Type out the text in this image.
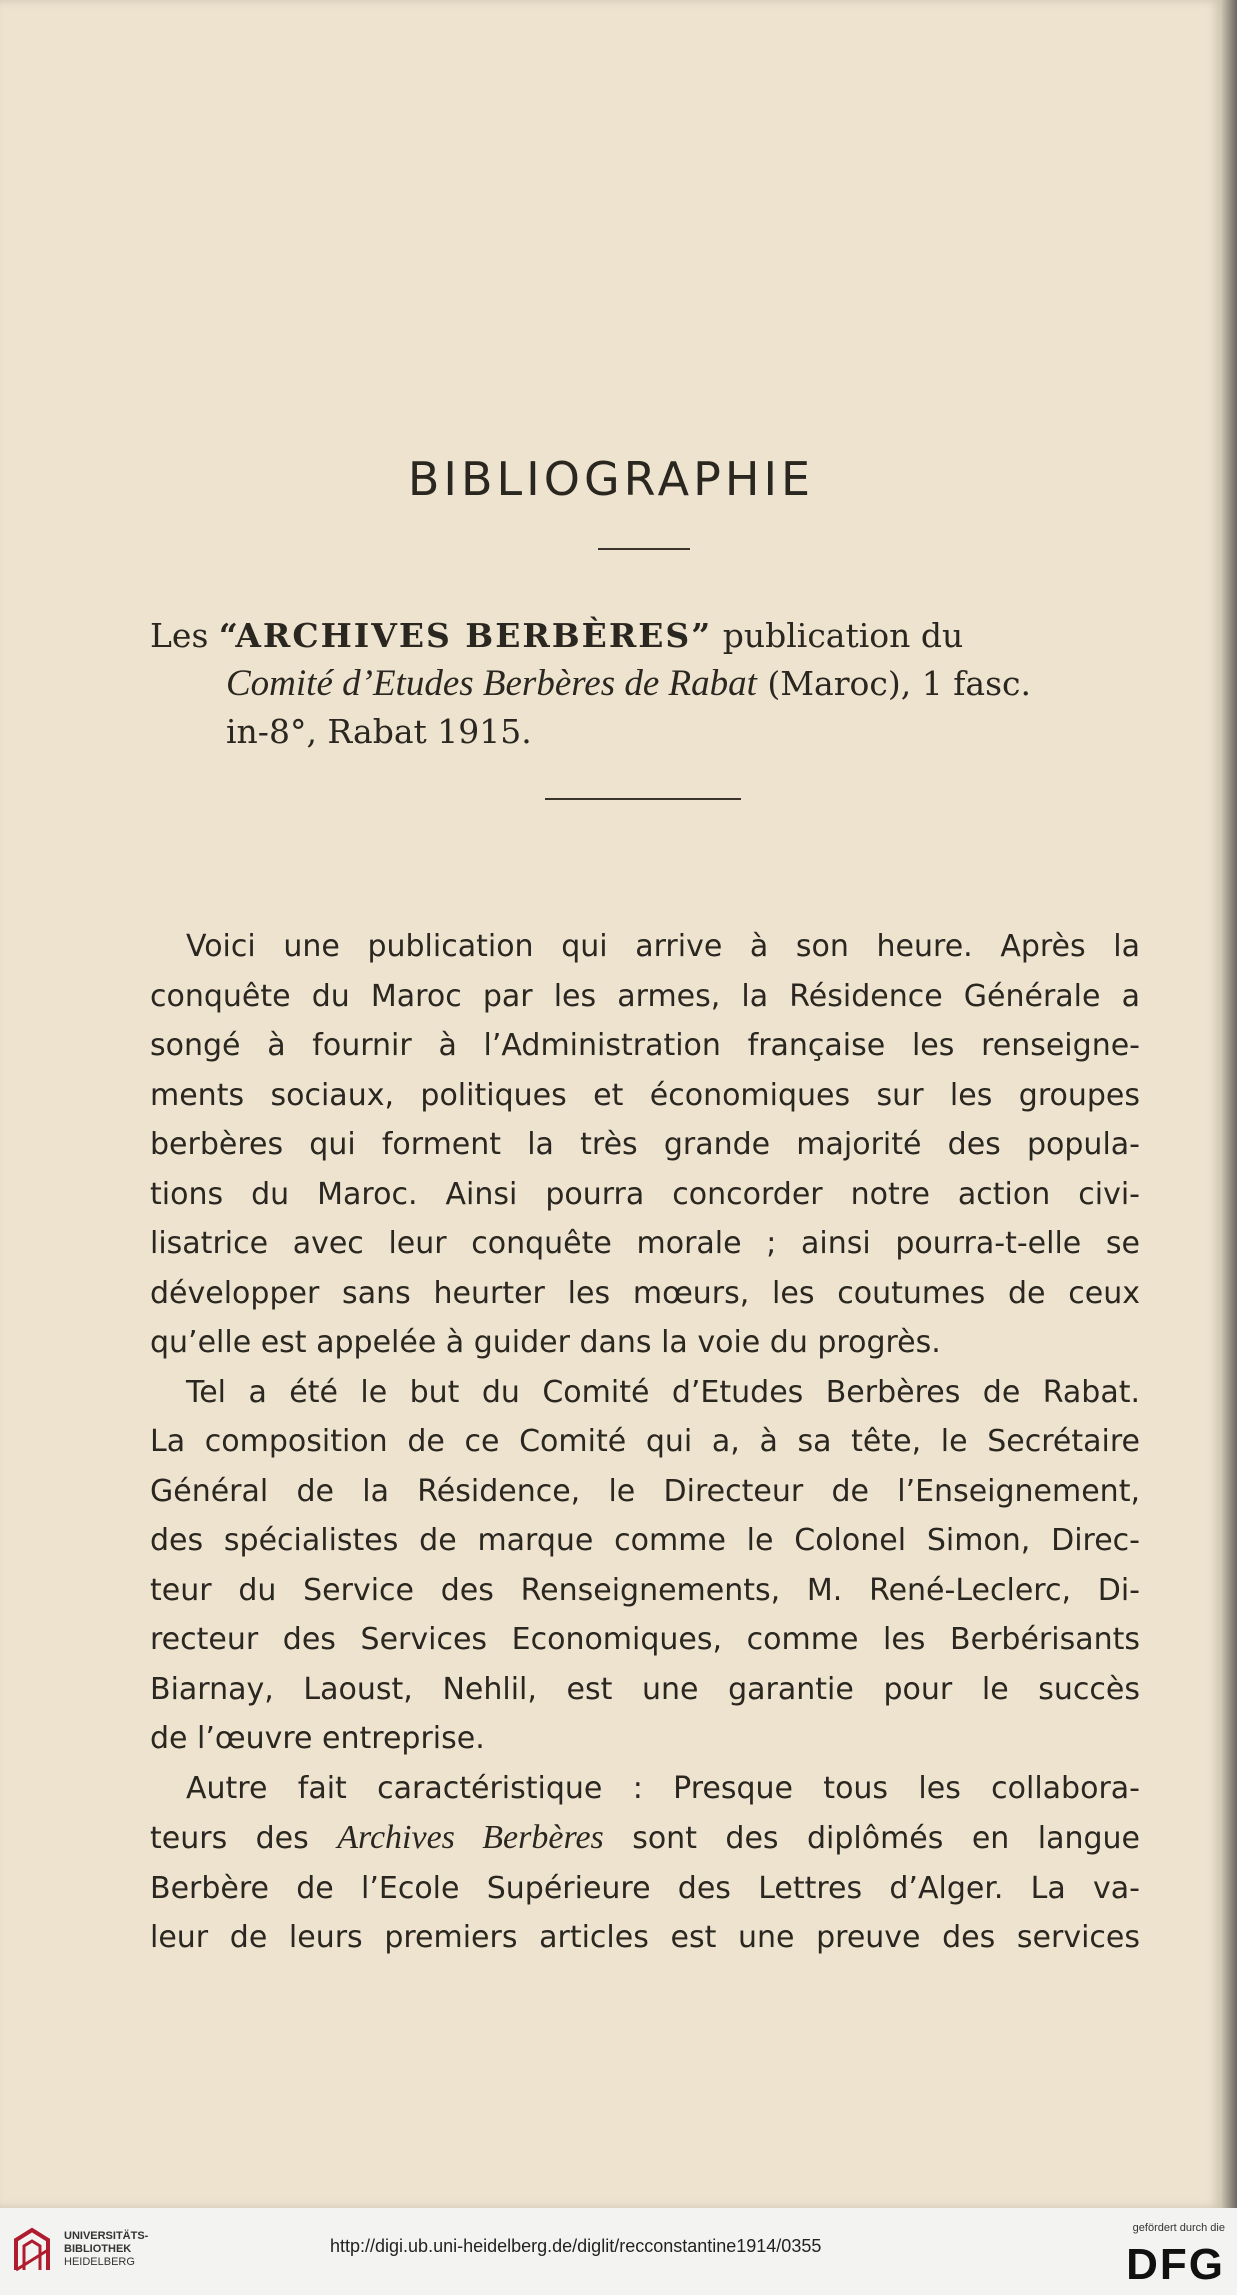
BIBLIOGRAPHIE
Les “ARCHIVES BERBÈRES” publication du
Comité d’Etudes Berbères de Rabat (Maroc), 1 fasc.
in-8°, Rabat 1915.
Voici une publication qui arrive à son heure. Après la
conquête du Maroc par les armes, la Résidence Générale a
songé à fournir à l’Administration française les renseigne-
ments sociaux, politiques et économiques sur les groupes
berbères qui forment la très grande majorité des popula-
tions du Maroc. Ainsi pourra concorder notre action civi-
lisatrice avec leur conquête morale ; ainsi pourra-t-elle se
développer sans heurter les mœurs, les coutumes de ceux
qu’elle est appelée à guider dans la voie du progrès.
Tel a été le but du Comité d’Etudes Berbères de Rabat.
La composition de ce Comité qui a, à sa tête, le Secrétaire
Général de la Résidence, le Directeur de l’Enseignement,
des spécialistes de marque comme le Colonel Simon, Direc-
teur du Service des Renseignements, M. René-Leclerc, Di-
recteur des Services Economiques, comme les Berbérisants
Biarnay, Laoust, Nehlil, est une garantie pour le succès
de l’œuvre entreprise.
Autre fait caractéristique : Presque tous les collabora-
teurs des Archives Berbères sont des diplômés en langue
Berbère de l’Ecole Supérieure des Lettres d’Alger. La va-
leur de leurs premiers articles est une preuve des services
UNIVERSITÄTS-
BIBLIOTHEK
HEIDELBERG
http://digi.ub.uni-heidelberg.de/diglit/recconstantine1914/0355
gefördert durch die
DFG
